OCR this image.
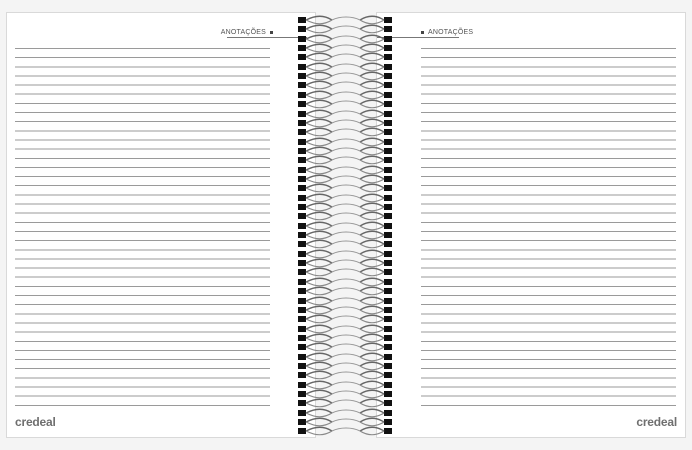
ANOTAÇÕES
credeal
ANOTAÇÕES
credeal
